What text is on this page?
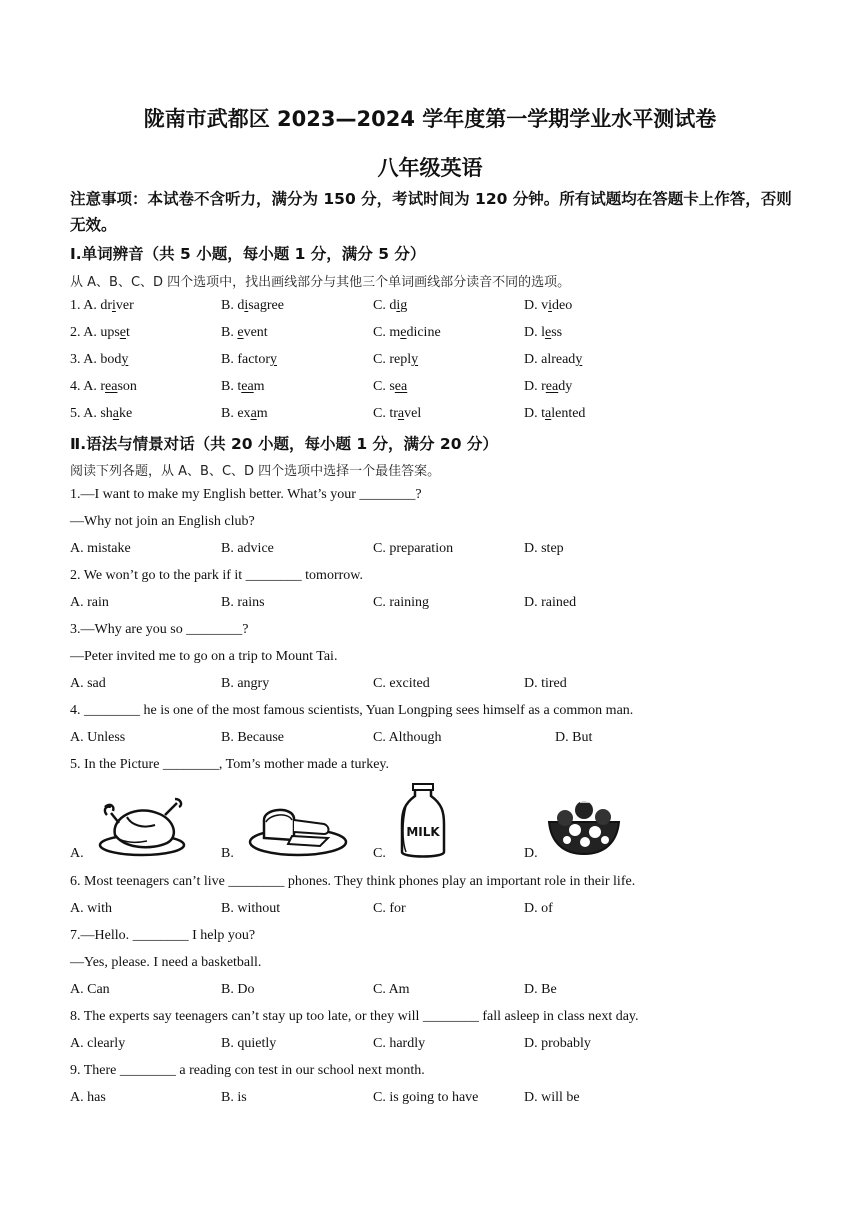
陇南市武都区 2023—2024 学年度第一学期学业水平测试卷
八年级英语
注意事项：本试卷不含听力，满分为 150 分，考试时间为 120 分钟。所有试题均在答题卡上作答，否则无效。
Ⅰ.单词辨音（共 5 小题，每小题 1 分，满分 5 分）
从 A、B、C、D 四个选项中，找出画线部分与其他三个单词画线部分读音不同的选项。
1. A. driver	B. disagree	C. dig	D. video
2. A. upset	B. event	C. medicine	D. less
3. A. body	B. factory	C. reply	D. already
4. A. reason	B. team	C. sea	D. ready
5. A. shake	B. exam	C. travel	D. talented
Ⅱ.语法与情景对话（共 20 小题，每小题 1 分，满分 20 分）
阅读下列各题，从 A、B、C、D 四个选项中选择一个最佳答案。
1.—I want to make my English better. What’s your ________?
—Why not join an English club?
A. mistake	B. advice	C. preparation	D. step
2. We won’t go to the park if it ________ tomorrow.
A. rain	B. rains	C. raining	D. rained
3.—Why are you so ________?
—Peter invited me to go on a trip to Mount Tai.
A. sad	B. angry	C. excited	D. tired
4. ________ he is one of the most famous scientists, Yuan Longping sees himself as a common man.
A. Unless	B. Because	C. Although	D. But
5. In the Picture ________, Tom’s mother made a turkey.
A.	B.	C.	D.
MILK
6. Most teenagers can’t live ________ phones. They think phones play an important role in their life.
A. with	B. without	C. for	D. of
7.—Hello. ________ I help you?
—Yes, please. I need a basketball.
A. Can	B. Do	C. Am	D. Be
8. The experts say teenagers can’t stay up too late, or they will ________ fall asleep in class next day.
A. clearly	B. quietly	C. hardly	D. probably
9. There ________ a reading con test in our school next month.
A. has	B. is	C. is going to have	D. will be
